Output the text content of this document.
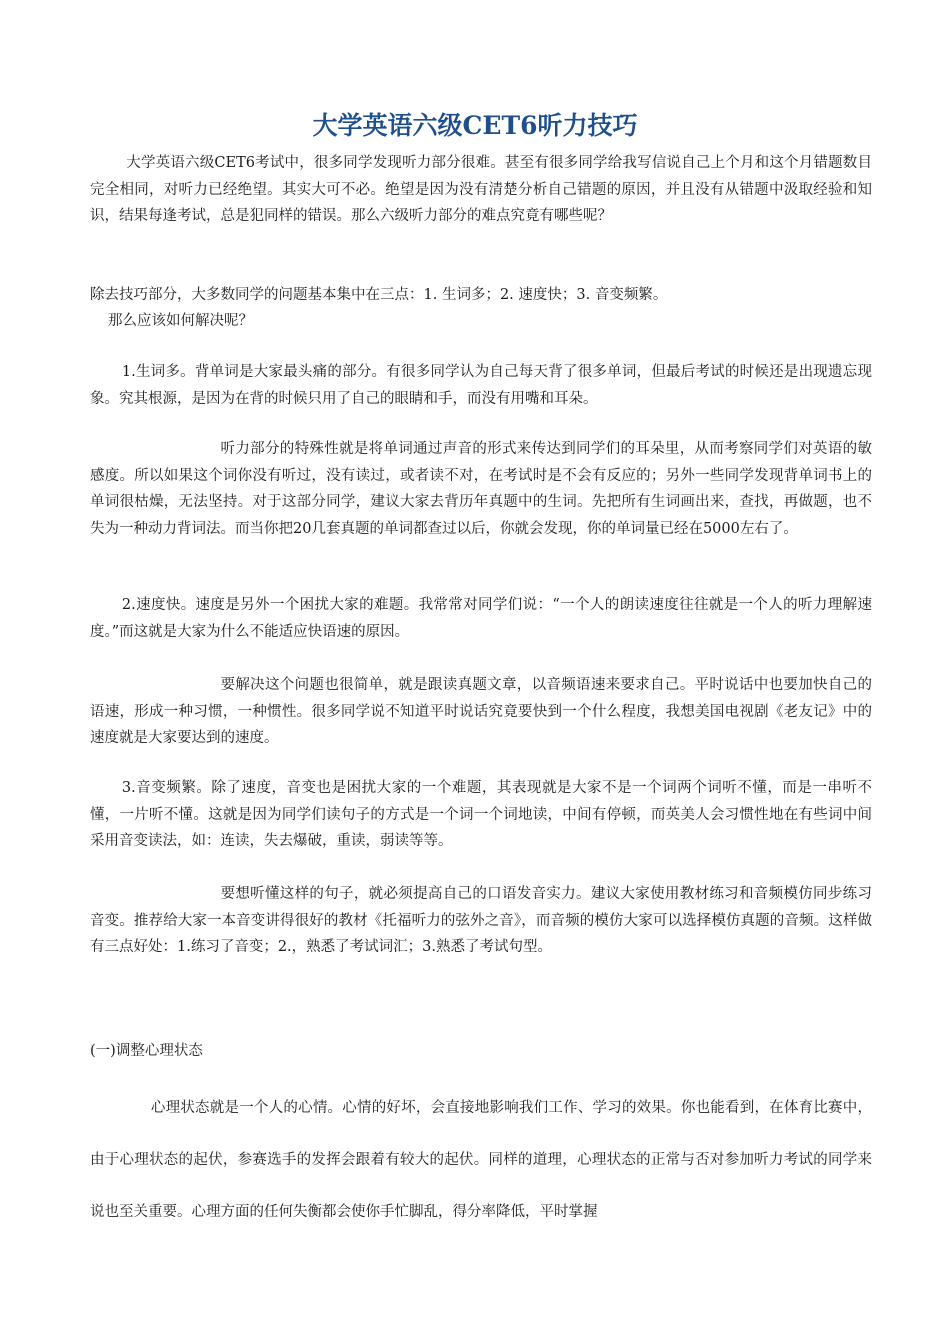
大学英语六级CET6听力技巧
大学英语六级CET6考试中，很多同学发现听力部分很难。甚至有很多同学给我写信说自己上个月和这个月错题数目完全相同，对听力已经绝望。其实大可不必。绝望是因为没有清楚分析自己错题的原因，并且没有从错题中汲取经验和知识，结果每逢考试，总是犯同样的错误。那么六级听力部分的难点究竟有哪些呢？
除去技巧部分，大多数同学的问题基本集中在三点：1. 生词多；2. 速度快；3. 音变频繁。
那么应该如何解决呢？
1.生词多。背单词是大家最头痛的部分。有很多同学认为自己每天背了很多单词，但最后考试的时候还是出现遗忘现象。究其根源，是因为在背的时候只用了自己的眼睛和手，而没有用嘴和耳朵。
听力部分的特殊性就是将单词通过声音的形式来传达到同学们的耳朵里，从而考察同学们对英语的敏感度。所以如果这个词你没有听过，没有读过，或者读不对，在考试时是不会有反应的；另外一些同学发现背单词书上的单词很枯燥，无法坚持。对于这部分同学，建议大家去背历年真题中的生词。先把所有生词画出来，查找，再做题，也不失为一种动力背词法。而当你把20几套真题的单词都查过以后，你就会发现，你的单词量已经在5000左右了。
2.速度快。速度是另外一个困扰大家的难题。我常常对同学们说：“一个人的朗读速度往往就是一个人的听力理解速度。”而这就是大家为什么不能适应快语速的原因。
要解决这个问题也很简单，就是跟读真题文章，以音频语速来要求自己。平时说话中也要加快自己的语速，形成一种习惯，一种惯性。很多同学说不知道平时说话究竟要快到一个什么程度，我想美国电视剧《老友记》中的速度就是大家要达到的速度。
3.音变频繁。除了速度，音变也是困扰大家的一个难题，其表现就是大家不是一个词两个词听不懂，而是一串听不懂，一片听不懂。这就是因为同学们读句子的方式是一个词一个词地读，中间有停顿，而英美人会习惯性地在有些词中间采用音变读法，如：连读，失去爆破，重读，弱读等等。
要想听懂这样的句子，就必须提高自己的口语发音实力。建议大家使用教材练习和音频模仿同步练习音变。推荐给大家一本音变讲得很好的教材《托福听力的弦外之音》，而音频的模仿大家可以选择模仿真题的音频。这样做有三点好处：1.练习了音变；2.，熟悉了考试词汇；3.熟悉了考试句型。
(一)调整心理状态
心理状态就是一个人的心情。心情的好坏，会直接地影响我们工作、学习的效果。你也能看到，在体育比赛中，由于心理状态的起伏，参赛选手的发挥会跟着有较大的起伏。同样的道理，心理状态的正常与否对参加听力考试的同学来说也至关重要。心理方面的任何失衡都会使你手忙脚乱，得分率降低，平时掌握
